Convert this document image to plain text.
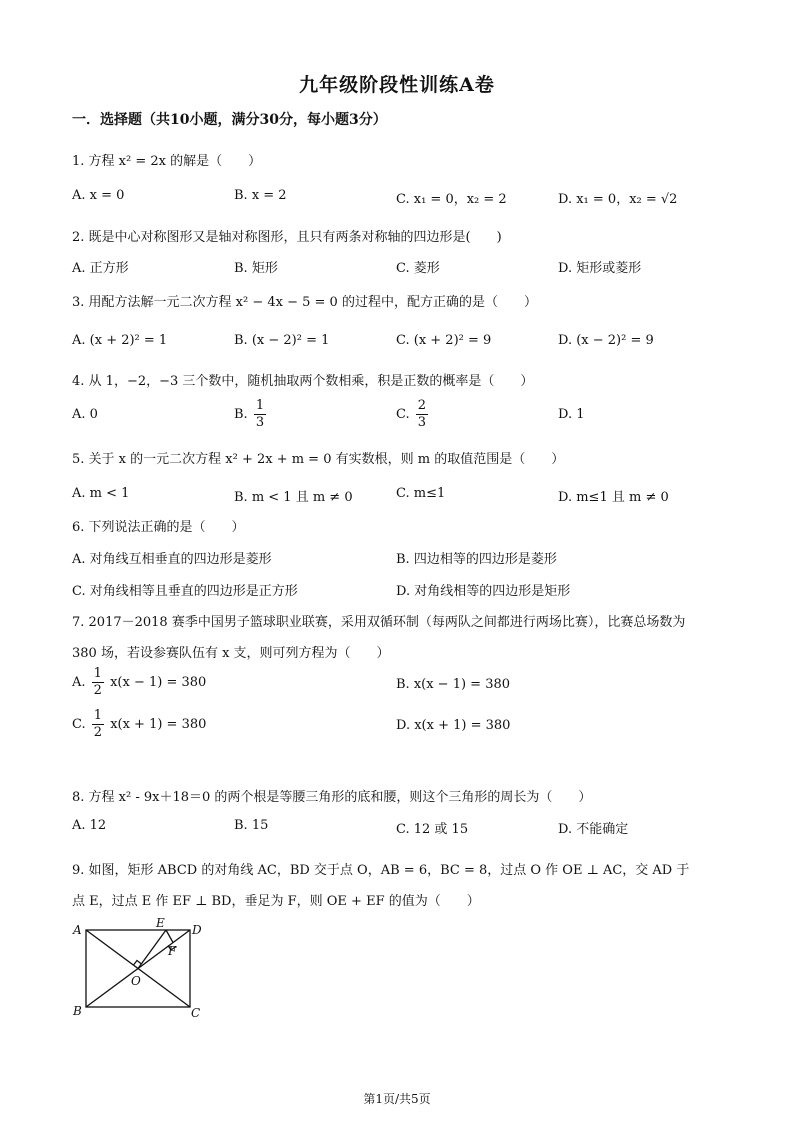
九年级阶段性训练A卷
一．选择题（共10小题，满分30分，每小题3分）
1. 方程 x² = 2x 的解是（　　）
A. x = 0	B. x = 2	C. x₁ = 0，x₂ = 2	D. x₁ = 0，x₂ = √2
2. 既是中心对称图形又是轴对称图形，且只有两条对称轴的四边形是(　　)
A. 正方形	B. 矩形	C. 菱形	D. 矩形或菱形
3. 用配方法解一元二次方程 x² − 4x − 5 = 0 的过程中，配方正确的是（　　）
A. (x + 2)² = 1	B. (x − 2)² = 1	C. (x + 2)² = 9	D. (x − 2)² = 9
4. 从 1，−2，−3 三个数中，随机抽取两个数相乘，积是正数的概率是（　　）
A. 0	B. $\frac{1}{3}$	C. $\frac{2}{3}$	D. 1
5. 关于 x 的一元二次方程 x² + 2x + m = 0 有实数根，则 m 的取值范围是（　　）
A. m < 1	B. m < 1 且 m ≠ 0	C. m≤1	D. m≤1 且 m ≠ 0
6. 下列说法正确的是（　　）
A. 对角线互相垂直的四边形是菱形	B. 四边相等的四边形是菱形
C. 对角线相等且垂直的四边形是正方形	D. 对角线相等的四边形是矩形
7. 2017－2018 赛季中国男子篮球职业联赛，采用双循环制（每两队之间都进行两场比赛），比赛总场数为
380 场，若设参赛队伍有 x 支，则可列方程为（　　）
A. $\frac{1}{2} x(x - 1) = 380$	B. x(x − 1) = 380
C. $\frac{1}{2} x(x + 1) = 380$	D. x(x + 1) = 380
8. 方程 x² - 9x＋18＝0 的两个根是等腰三角形的底和腰，则这个三角形的周长为（　　）
A. 12	B. 15	C. 12 或 15	D. 不能确定
9. 如图，矩形 ABCD 的对角线 AC，BD 交于点 O，AB = 6，BC = 8，过点 O 作 OE ⊥ AC，交 AD 于
点 E，过点 E 作 EF ⊥ BD，垂足为 F，则 OE + EF 的值为（　　）
A
B	C
D
E
F
O
第1页/共5页
